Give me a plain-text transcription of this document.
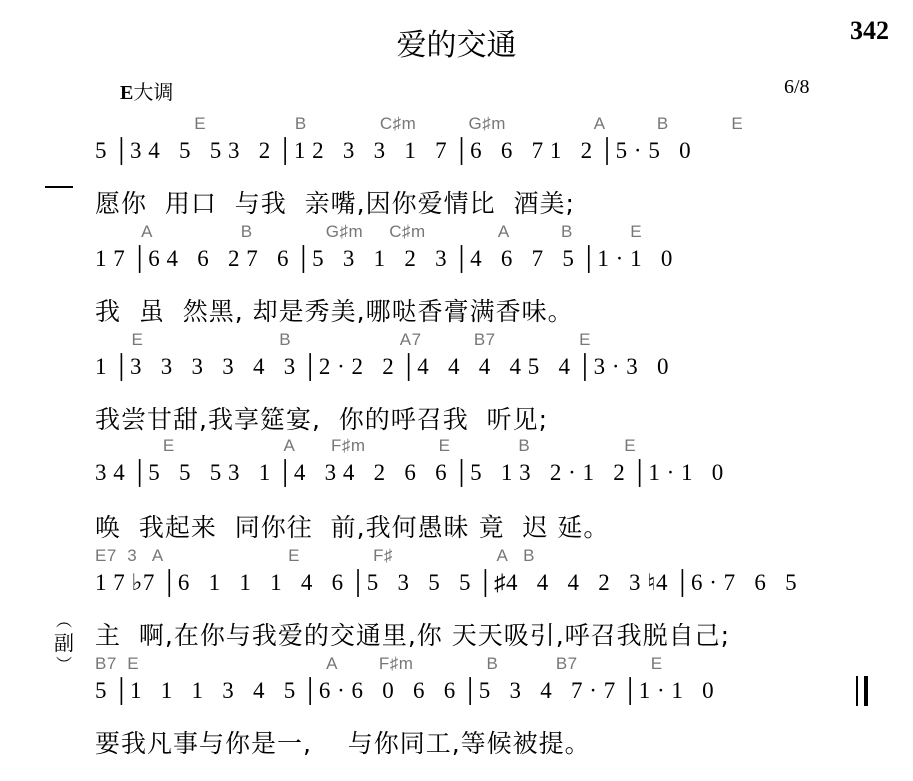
爱的交通	342
E大调	6/8
︵
副
︶
E                 B              C♯m          G♯m                 A          B            E
5 │3 4   5   5 3   2 │1 2   3   3   1   7 │6   6   7 1   2 │5 · 5   0
愿你  用口  与我  亲嘴,因你爱情比  酒美;
A                 B              G♯m     C♯m              A          B           E
1 7 │6 4   6   2 7   6 │5   3   1   2   3 │4   6   7   5 │1 · 1   0
我  虽  然黑, 却是秀美,哪哒香膏满香味。
E                          B                     A7          B7                E
1 │3   3   3   3   4   3 │2 · 2   2 │4   4   4   4 5   4 │3 · 3   0
我尝甘甜,我享筵宴,  你的呼召我  听见;
E                     A       F♯m              E             B                  E
3 4 │5   5   5 3   1 │4   3 4   2   6   6 │5   1 3   2 · 1   2 │1 · 1   0
唤  我起来  同你往  前,我何愚昧 竟  迟 延。
E7  3   A                        E              F♯                    A   B
1 7 ♭7 │6   1   1   1   4   6 │5   3   5   5 │♯4   4   4   2   3 ♮4 │6 · 7   6   5
主  啊,在你与我爱的交通里,你 天天吸引,呼召我脱自己;
B7  E                                    A        F♯m              B           B7              E
5 │1   1   1   3   4   5 │6 · 6   0   6   6 │5   3   4   7 · 7 │1 · 1   0
要我凡事与你是一,    与你同工,等候被提。
